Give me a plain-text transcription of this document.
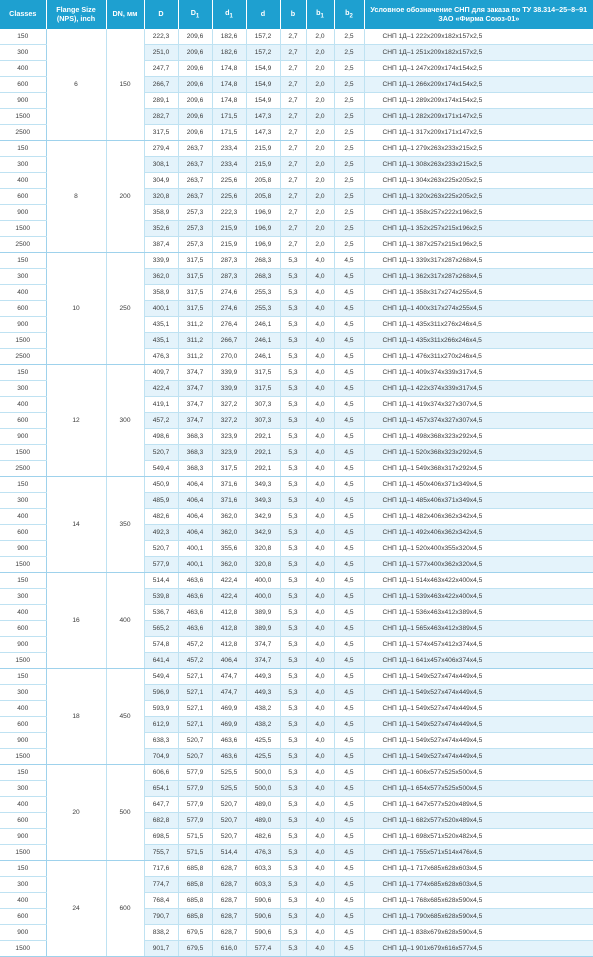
Classes	Flange Size (NPS), inch	DN, мм	D	$D_1$	$d_1$	d	b	$b_1$	$b_2$	Условное обозначение СНП для заказа по ТУ 38.314–25–8–91 ЗАО «Фирма Союз-01»
150	6	150	222,3	209,6	182,6	157,2	2,7	2,0	2,5	СНП 1Д–1 222х209х182х157х2,5
300			251,0	209,6	182,6	157,2	2,7	2,0	2,5	СНП 1Д–1 251х209х182х157х2,5
400			247,7	209,6	174,8	154,9	2,7	2,0	2,5	СНП 1Д–1 247х209х174х154х2,5
600			266,7	209,6	174,8	154,9	2,7	2,0	2,5	СНП 1Д–1 266х209х174х154х2,5
900			289,1	209,6	174,8	154,9	2,7	2,0	2,5	СНП 1Д–1 289х209х174х154х2,5
1500			282,7	209,6	171,5	147,3	2,7	2,0	2,5	СНП 1Д–1 282х209х171х147х2,5
2500			317,5	209,6	171,5	147,3	2,7	2,0	2,5	СНП 1Д–1 317х209х171х147х2,5
150	8	200	279,4	263,7	233,4	215,9	2,7	2,0	2,5	СНП 1Д–1 279х263х233х215х2,5
300			308,1	263,7	233,4	215,9	2,7	2,0	2,5	СНП 1Д–1 308х263х233х215х2,5
400			304,9	263,7	225,6	205,8	2,7	2,0	2,5	СНП 1Д–1 304х263х225х205х2,5
600			320,8	263,7	225,6	205,8	2,7	2,0	2,5	СНП 1Д–1 320х263х225х205х2,5
900			358,9	257,3	222,3	196,9	2,7	2,0	2,5	СНП 1Д–1 358х257х222х196х2,5
1500			352,6	257,3	215,9	196,9	2,7	2,0	2,5	СНП 1Д–1 352х257х215х196х2,5
2500			387,4	257,3	215,9	196,9	2,7	2,0	2,5	СНП 1Д–1 387х257х215х196х2,5
150	10	250	339,9	317,5	287,3	268,3	5,3	4,0	4,5	СНП 1Д–1 339х317х287х268х4,5
300			362,0	317,5	287,3	268,3	5,3	4,0	4,5	СНП 1Д–1 362х317х287х268х4,5
400			358,9	317,5	274,6	255,3	5,3	4,0	4,5	СНП 1Д–1 358х317х274х255х4,5
600			400,1	317,5	274,6	255,3	5,3	4,0	4,5	СНП 1Д–1 400х317х274х255х4,5
900			435,1	311,2	276,4	246,1	5,3	4,0	4,5	СНП 1Д–1 435х311х276х246х4,5
1500			435,1	311,2	266,7	246,1	5,3	4,0	4,5	СНП 1Д–1 435х311х266х246х4,5
2500			476,3	311,2	270,0	246,1	5,3	4,0	4,5	СНП 1Д–1 476х311х270х246х4,5
150	12	300	409,7	374,7	339,9	317,5	5,3	4,0	4,5	СНП 1Д–1 409х374х339х317х4,5
300			422,4	374,7	339,9	317,5	5,3	4,0	4,5	СНП 1Д–1 422х374х339х317х4,5
400			419,1	374,7	327,2	307,3	5,3	4,0	4,5	СНП 1Д–1 419х374х327х307х4,5
600			457,2	374,7	327,2	307,3	5,3	4,0	4,5	СНП 1Д–1 457х374х327х307х4,5
900			498,6	368,3	323,9	292,1	5,3	4,0	4,5	СНП 1Д–1 498х368х323х292х4,5
1500			520,7	368,3	323,9	292,1	5,3	4,0	4,5	СНП 1Д–1 520х368х323х292х4,5
2500			549,4	368,3	317,5	292,1	5,3	4,0	4,5	СНП 1Д–1 549х368х317х292х4,5
150	14	350	450,9	406,4	371,6	349,3	5,3	4,0	4,5	СНП 1Д–1 450х406х371х349х4,5
300			485,9	406,4	371,6	349,3	5,3	4,0	4,5	СНП 1Д–1 485х406х371х349х4,5
400			482,6	406,4	362,0	342,9	5,3	4,0	4,5	СНП 1Д–1 482х406х362х342х4,5
600			492,3	406,4	362,0	342,9	5,3	4,0	4,5	СНП 1Д–1 492х406х362х342х4,5
900			520,7	400,1	355,6	320,8	5,3	4,0	4,5	СНП 1Д–1 520х400х355х320х4,5
1500			577,9	400,1	362,0	320,8	5,3	4,0	4,5	СНП 1Д–1 577х400х362х320х4,5
150	16	400	514,4	463,6	422,4	400,0	5,3	4,0	4,5	СНП 1Д–1 514х463х422х400х4,5
300			539,8	463,6	422,4	400,0	5,3	4,0	4,5	СНП 1Д–1 539х463х422х400х4,5
400			536,7	463,6	412,8	389,9	5,3	4,0	4,5	СНП 1Д–1 536х463х412х389х4,5
600			565,2	463,6	412,8	389,9	5,3	4,0	4,5	СНП 1Д–1 565х463х412х389х4,5
900			574,8	457,2	412,8	374,7	5,3	4,0	4,5	СНП 1Д–1 574х457х412х374х4,5
1500			641,4	457,2	406,4	374,7	5,3	4,0	4,5	СНП 1Д–1 641х457х406х374х4,5
150	18	450	549,4	527,1	474,7	449,3	5,3	4,0	4,5	СНП 1Д–1 549х527х474х449х4,5
300			596,9	527,1	474,7	449,3	5,3	4,0	4,5	СНП 1Д–1 549х527х474х449х4,5
400			593,9	527,1	469,9	438,2	5,3	4,0	4,5	СНП 1Д–1 549х527х474х449х4,5
600			612,9	527,1	469,9	438,2	5,3	4,0	4,5	СНП 1Д–1 549х527х474х449х4,5
900			638,3	520,7	463,6	425,5	5,3	4,0	4,5	СНП 1Д–1 549х527х474х449х4,5
1500			704,9	520,7	463,6	425,5	5,3	4,0	4,5	СНП 1Д–1 549х527х474х449х4,5
150	20	500	606,6	577,9	525,5	500,0	5,3	4,0	4,5	СНП 1Д–1 606х577х525х500х4,5
300			654,1	577,9	525,5	500,0	5,3	4,0	4,5	СНП 1Д–1 654х577х525х500х4,5
400			647,7	577,9	520,7	489,0	5,3	4,0	4,5	СНП 1Д–1 647х577х520х489х4,5
600			682,8	577,9	520,7	489,0	5,3	4,0	4,5	СНП 1Д–1 682х577х520х489х4,5
900			698,5	571,5	520,7	482,6	5,3	4,0	4,5	СНП 1Д–1 698х571х520х482х4,5
1500			755,7	571,5	514,4	476,3	5,3	4,0	4,5	СНП 1Д–1 755х571х514х476х4,5
150	24	600	717,6	685,8	628,7	603,3	5,3	4,0	4,5	СНП 1Д–1 717х685х628х603х4,5
300			774,7	685,8	628,7	603,3	5,3	4,0	4,5	СНП 1Д–1 774х685х628х603х4,5
400			768,4	685,8	628,7	590,6	5,3	4,0	4,5	СНП 1Д–1 768х685х628х590х4,5
600			790,7	685,8	628,7	590,6	5,3	4,0	4,5	СНП 1Д–1 790х685х628х590х4,5
900			838,2	679,5	628,7	590,6	5,3	4,0	4,5	СНП 1Д–1 838х679х628х590х4,5
1500			901,7	679,5	616,0	577,4	5,3	4,0	4,5	СНП 1Д–1 901х679х616х577х4,5
